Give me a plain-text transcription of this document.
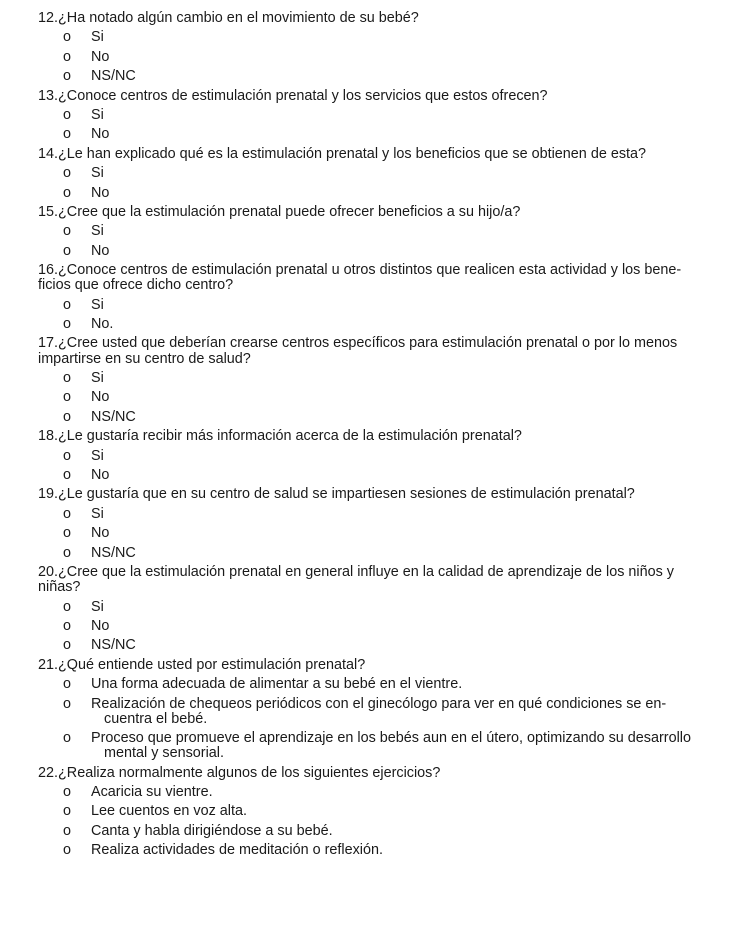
12.¿Ha notado algún cambio en el movimiento de su bebé?
o	Si
o	No
o	NS/NC
13.¿Conoce centros de estimulación prenatal y los servicios que estos ofrecen?
o	Si
o	No
14.¿Le han explicado qué es la estimulación prenatal y los beneficios que se obtienen de esta?
o	Si
o	No
15.¿Cree que la estimulación prenatal puede ofrecer beneficios a su hijo/a?
o	Si
o	No
16.¿Conoce centros de estimulación prenatal u otros distintos que realicen esta actividad y los bene-
ficios que ofrece dicho centro?
o	Si
o	No.
17.¿Cree usted que deberían crearse centros específicos para estimulación prenatal o por lo menos
impartirse en su centro de salud?
o	Si
o	No
o	NS/NC
18.¿Le gustaría recibir más información acerca de la estimulación prenatal?
o	Si
o	No
19.¿Le gustaría que en su centro de salud se impartiesen sesiones de estimulación prenatal?
o	Si
o	No
o	NS/NC
20.¿Cree que la estimulación prenatal en general influye en la calidad de aprendizaje de los niños y
niñas?
o	Si
o	No
o	NS/NC
21.¿Qué entiende usted por estimulación prenatal?
o	Una forma adecuada de alimentar a su bebé en el vientre.
o	Realización de chequeos periódicos con el ginecólogo para ver en qué condiciones se en-
cuentra el bebé.
o	Proceso que promueve el aprendizaje en los bebés aun en el útero, optimizando su desarrollo
mental y sensorial.
22.¿Realiza normalmente algunos de los siguientes ejercicios?
o	Acaricia su vientre.
o	Lee cuentos en voz alta.
o	Canta y habla dirigiéndose a su bebé.
o	Realiza actividades de meditación o reflexión.
